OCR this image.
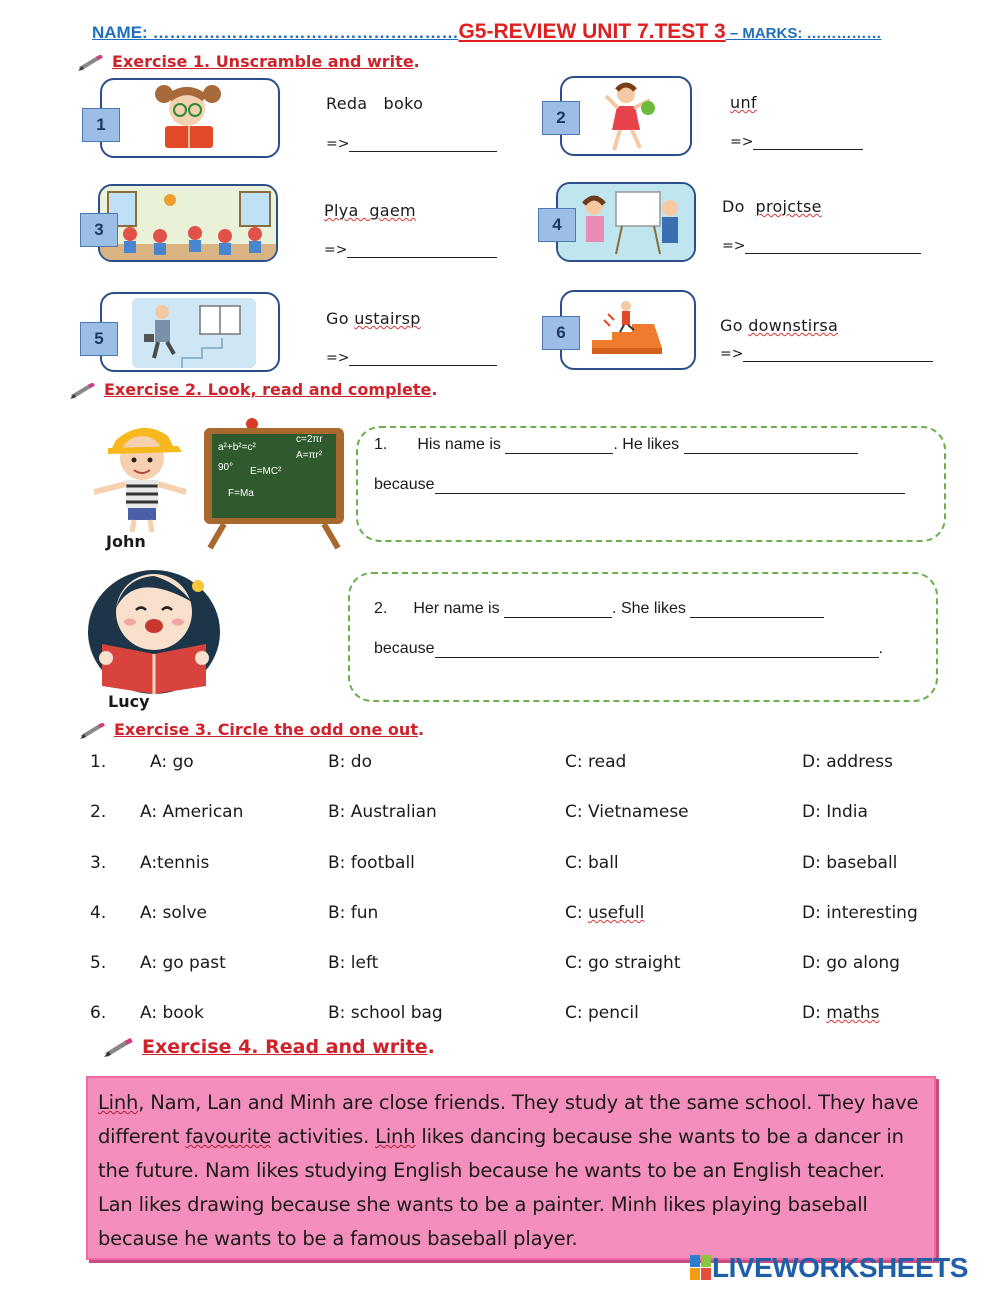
NAME: ………………………………………………G5-REVIEW UNIT 7.TEST 3 – MARKS: ……………
Exercise 1. Unscramble and write.
1
Reda   boko
=>
2
unf
=>
3
Plya  gaem
=>
4
Do  projctse
=>
5
Go ustairsp
=>
6	Go downstirsa
=>
Exercise 2. Look, read and complete.
John
a²+b²=c²
c=2πr
A=πr²
90° E=MC²
F=Ma
1. His name is	. He likes
because
Lucy
2. Her name is	. She likes
because	.
Exercise 3. Circle the odd one out.
1.	A: go	B: do	C: read	D: address
2. A: American	B: Australian	C: Vietnamese	D: India
3. A:tennis	B: football	C: ball	D: baseball
4. A: solve	B: fun	C: usefull	D: interesting
5. A: go past	B: left	C: go straight	D: go along
6. A: book	B: school bag	C: pencil	D: maths
Exercise 4. Read and write.

Linh, Nam, Lan and Minh are close friends. They study at the same school. They have different favourite activities. Linh likes dancing because she wants to be a dancer in the future. Nam likes studying English because he wants to be an English teacher. Lan likes drawing because she wants to be a painter. Minh likes playing baseball because he wants to be a famous baseball player.

LIVEWORKSHEETS
